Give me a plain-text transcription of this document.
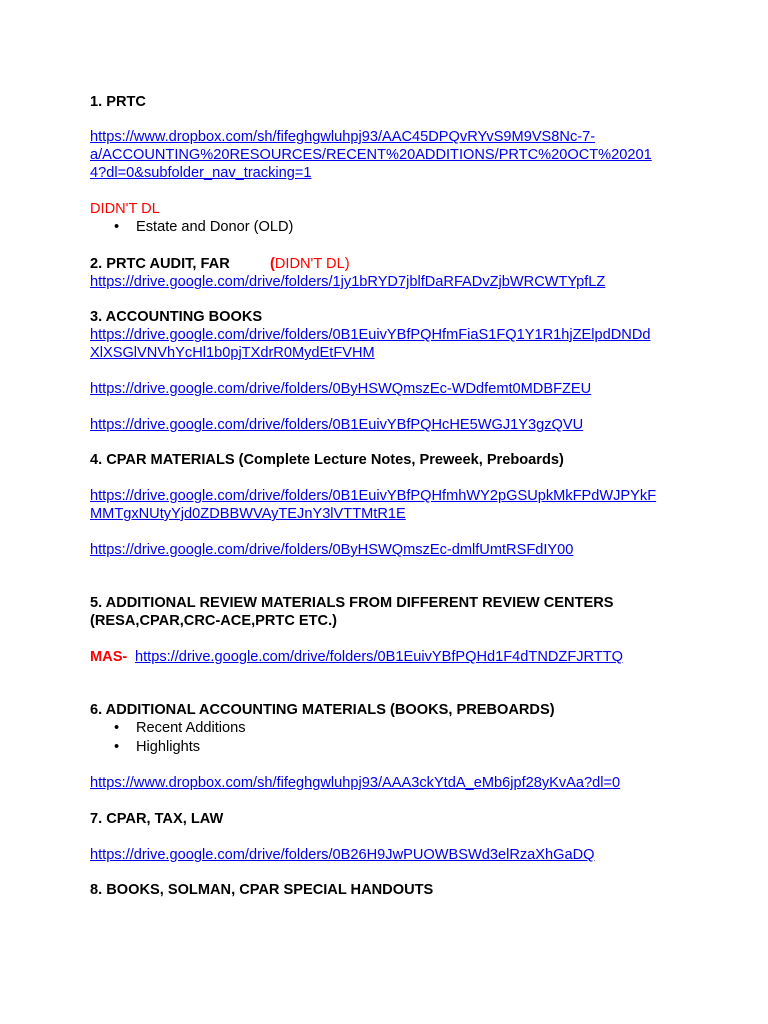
1. PRTC
https://www.dropbox.com/sh/fifeghgwluhpj93/AAC45DPQvRYvS9M9VS8Nc-7-
a/ACCOUNTING%20RESOURCES/RECENT%20ADDITIONS/PRTC%20OCT%20201
4?dl=0&subfolder_nav_tracking=1
DIDN'T DL
• Estate and Donor (OLD)
2. PRTC AUDIT, FAR	(DIDN'T DL)
https://drive.google.com/drive/folders/1jy1bRYD7jblfDaRFADvZjbWRCWTYpfLZ
3. ACCOUNTING BOOKS
https://drive.google.com/drive/folders/0B1EuivYBfPQHfmFiaS1FQ1Y1R1hjZElpdDNDd
XlXSGlVNVhYcHl1b0pjTXdrR0MydEtFVHM
https://drive.google.com/drive/folders/0ByHSWQmszEc-WDdfemt0MDBFZEU
https://drive.google.com/drive/folders/0B1EuivYBfPQHcHE5WGJ1Y3gzQVU
4. CPAR MATERIALS (Complete Lecture Notes, Preweek, Preboards)
https://drive.google.com/drive/folders/0B1EuivYBfPQHfmhWY2pGSUpkMkFPdWJPYkF
MMTgxNUtyYjd0ZDBBWVAyTEJnY3lVTTMtR1E
https://drive.google.com/drive/folders/0ByHSWQmszEc-dmlfUmtRSFdIY00
5. ADDITIONAL REVIEW MATERIALS FROM DIFFERENT REVIEW CENTERS
(RESA,CPAR,CRC-ACE,PRTC ETC.)
MAS- https://drive.google.com/drive/folders/0B1EuivYBfPQHd1F4dTNDZFJRTTQ
6. ADDITIONAL ACCOUNTING MATERIALS (BOOKS, PREBOARDS)
• Recent Additions
• Highlights
https://www.dropbox.com/sh/fifeghgwluhpj93/AAA3ckYtdA_eMb6jpf28yKvAa?dl=0
7. CPAR, TAX, LAW
https://drive.google.com/drive/folders/0B26H9JwPUOWBSWd3elRzaXhGaDQ
8. BOOKS, SOLMAN, CPAR SPECIAL HANDOUTS
